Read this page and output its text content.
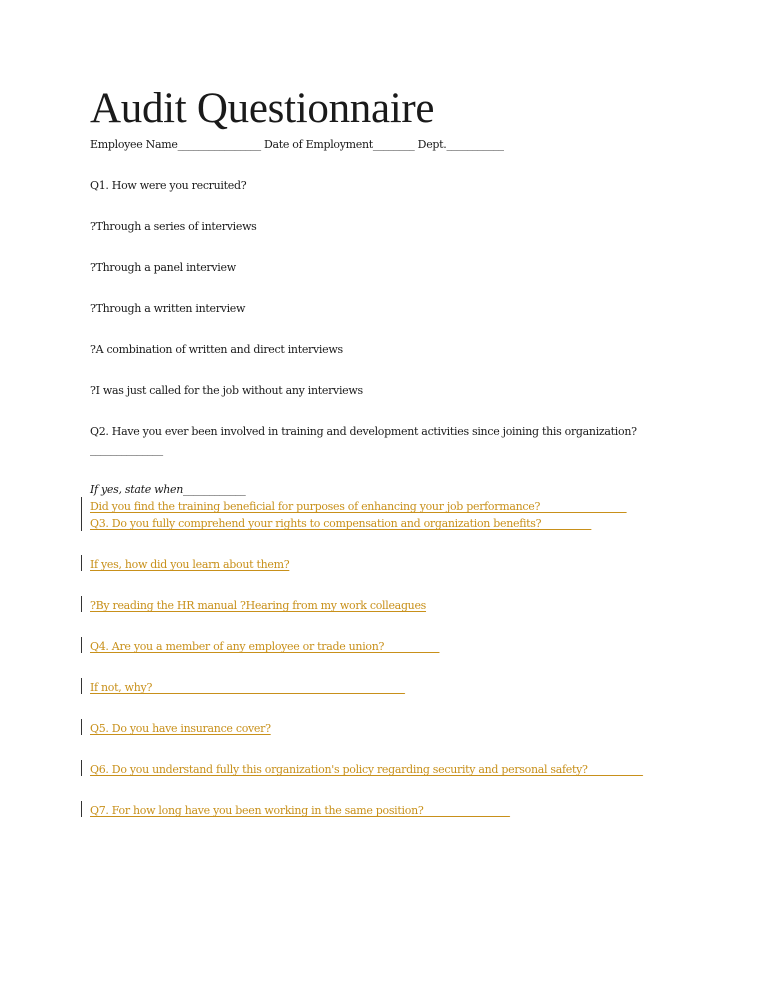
Audit Questionnaire
Employee Name________________ Date of Employment________ Dept.___________
Q1. How were you recruited?
?Through a series of interviews
?Through a panel interview
?Through a written interview
?A combination of written and direct interviews
?I was just called for the job without any interviews
Q2. Have you ever been involved in training and development activities since joining this organization?
______________
If yes, state when____________
Did you find the training beneficial for purposes of enhancing your job performance? ________________
Q3. Do you fully comprehend your rights to compensation and organization benefits? _________
If yes, how did you learn about them?
?By reading the HR manual ?Hearing from my work colleagues
Q4. Are you a member of any employee or trade union? __________
If not, why? ________________________________________________
Q5. Do you have insurance cover?
Q6. Do you understand fully this organization's policy regarding security and personal safety? __________
Q7. For how long have you been working in the same position? ________________
